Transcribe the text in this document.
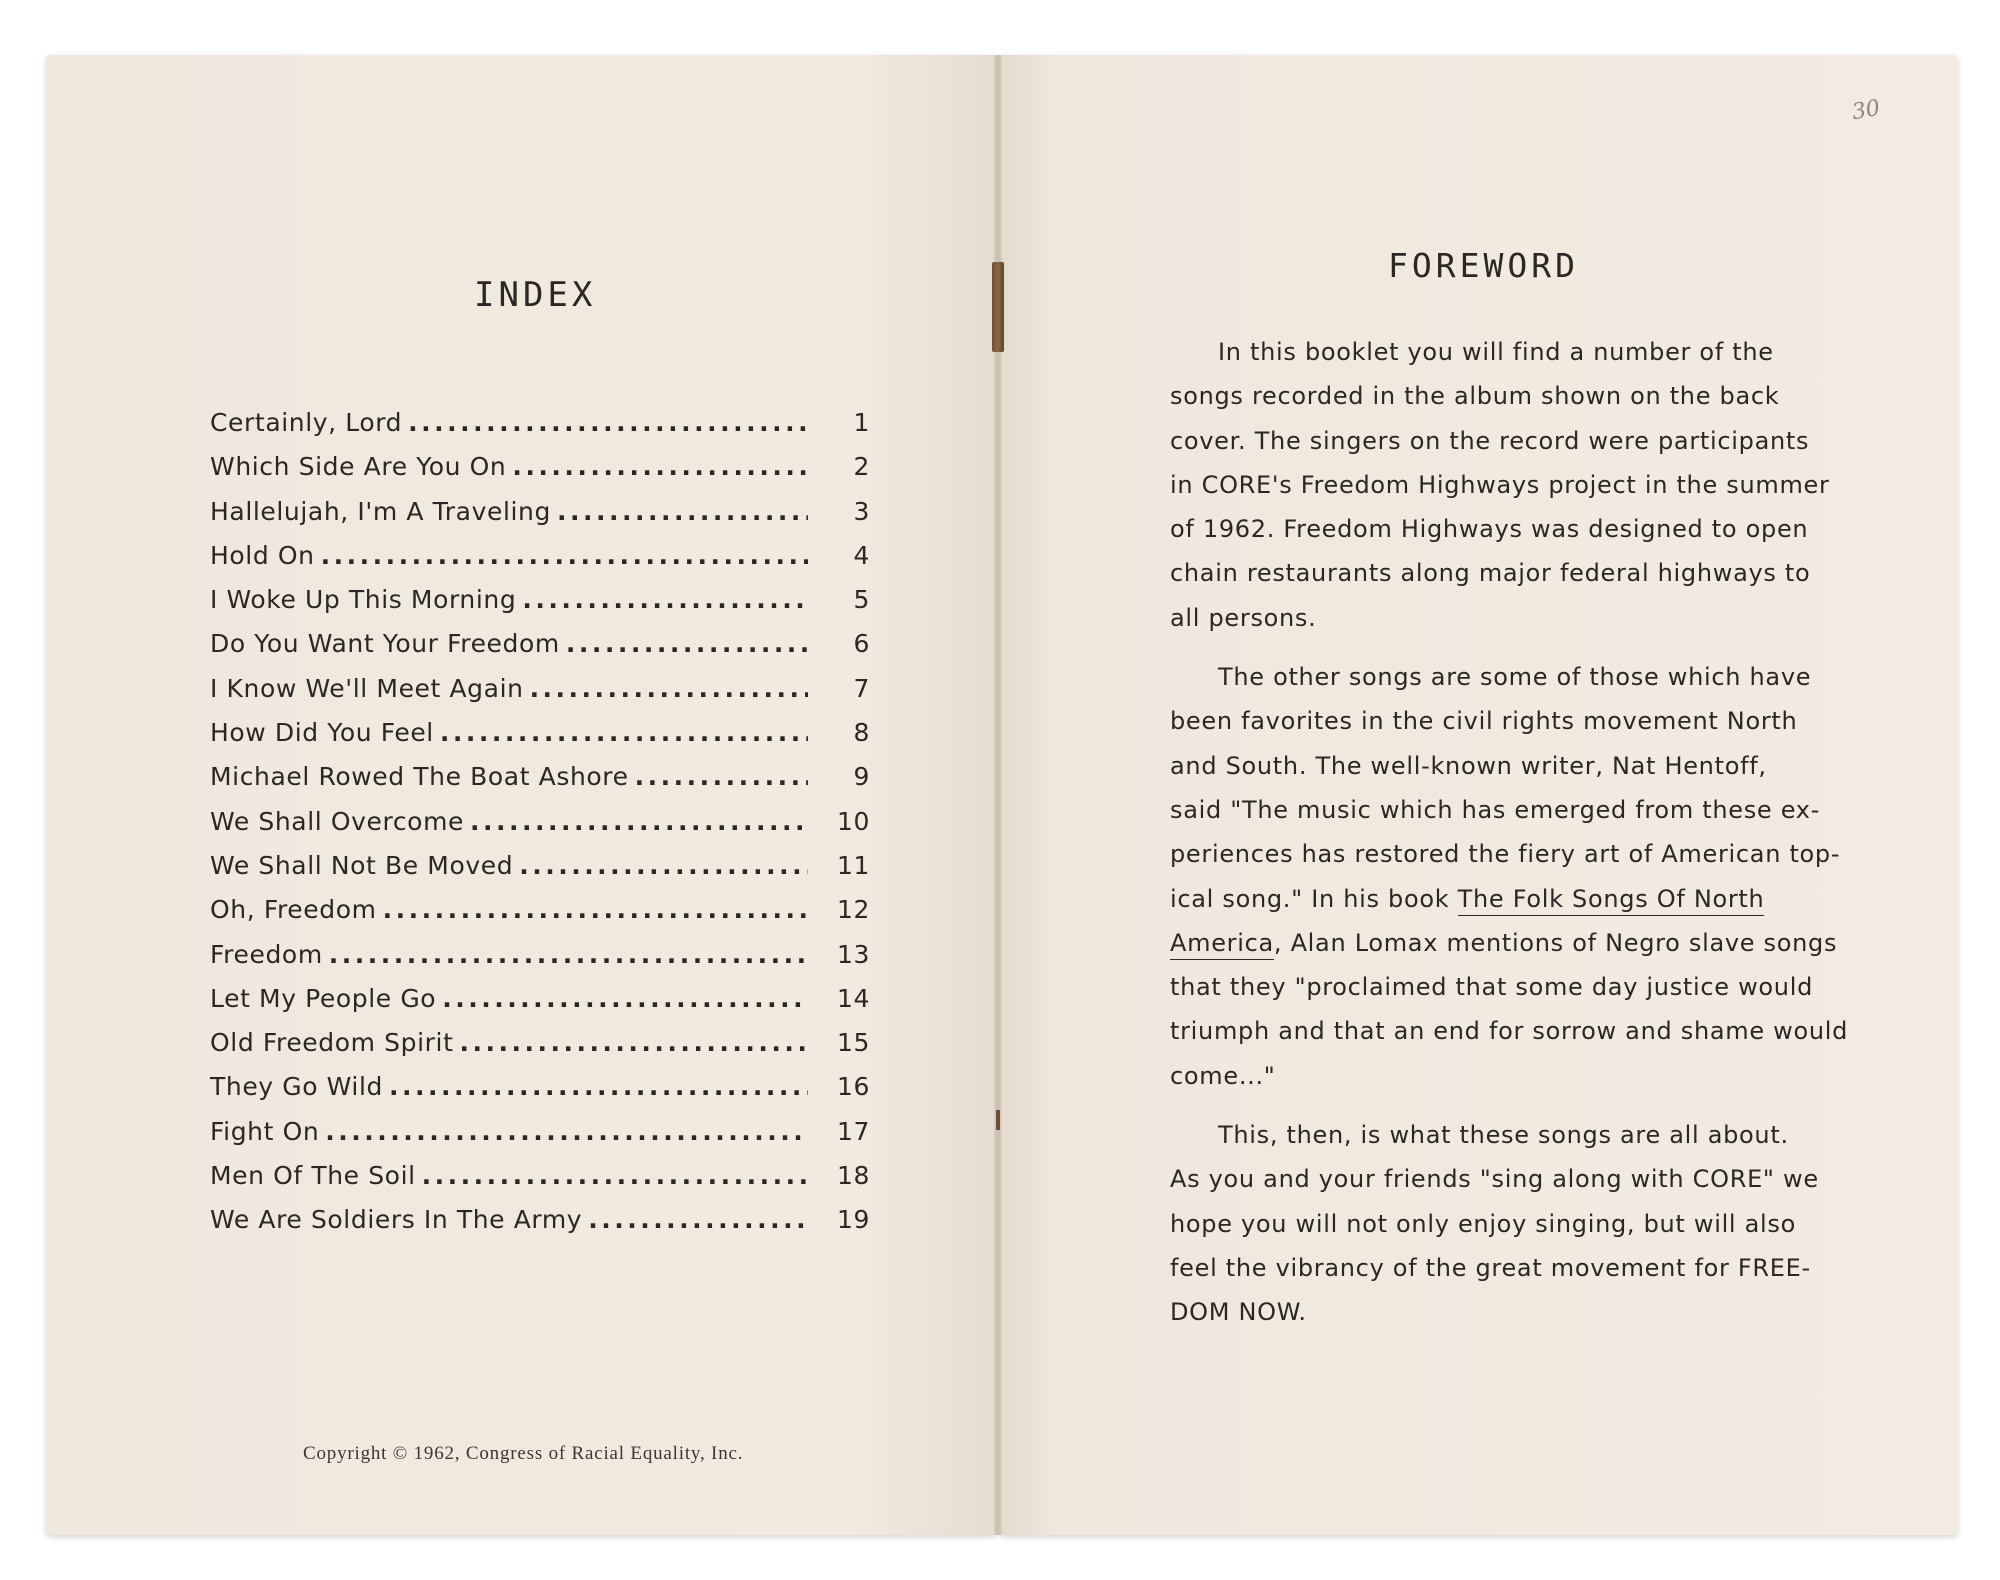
INDEX
Certainly, Lord .....	1
Which Side Are You On .....	2
Hallelujah, I'm A Traveling .....	3
Hold On .....	4
I Woke Up This Morning .....	5
Do You Want Your Freedom .....	6
I Know We'll Meet Again .....	7
How Did You Feel .....	8
Michael Rowed The Boat Ashore .....	9
We Shall Overcome .....	10
We Shall Not Be Moved .....	11
Oh, Freedom .....	12
Freedom .....	13
Let My People Go .....	14
Old Freedom Spirit .....	15
They Go Wild .....	16
Fight On .....	17
Men Of The Soil .....	18
We Are Soldiers In The Army .....	19
Copyright © 1962, Congress of Racial Equality, Inc.
30
FOREWORD
In this booklet you will find a number of the
songs recorded in the album shown on the back
cover. The singers on the record were participants
in CORE's Freedom Highways project in the summer
of 1962. Freedom Highways was designed to open
chain restaurants along major federal highways to
all persons.
The other songs are some of those which have
been favorites in the civil rights movement North
and South. The well-known writer, Nat Hentoff,
said "The music which has emerged from these ex-
periences has restored the fiery art of American top-
ical song." In his book The Folk Songs Of North
America, Alan Lomax mentions of Negro slave songs
that they "proclaimed that some day justice would
triumph and that an end for sorrow and shame would
come..."
This, then, is what these songs are all about.
As you and your friends "sing along with CORE" we
hope you will not only enjoy singing, but will also
feel the vibrancy of the great movement for FREE-
DOM NOW.
